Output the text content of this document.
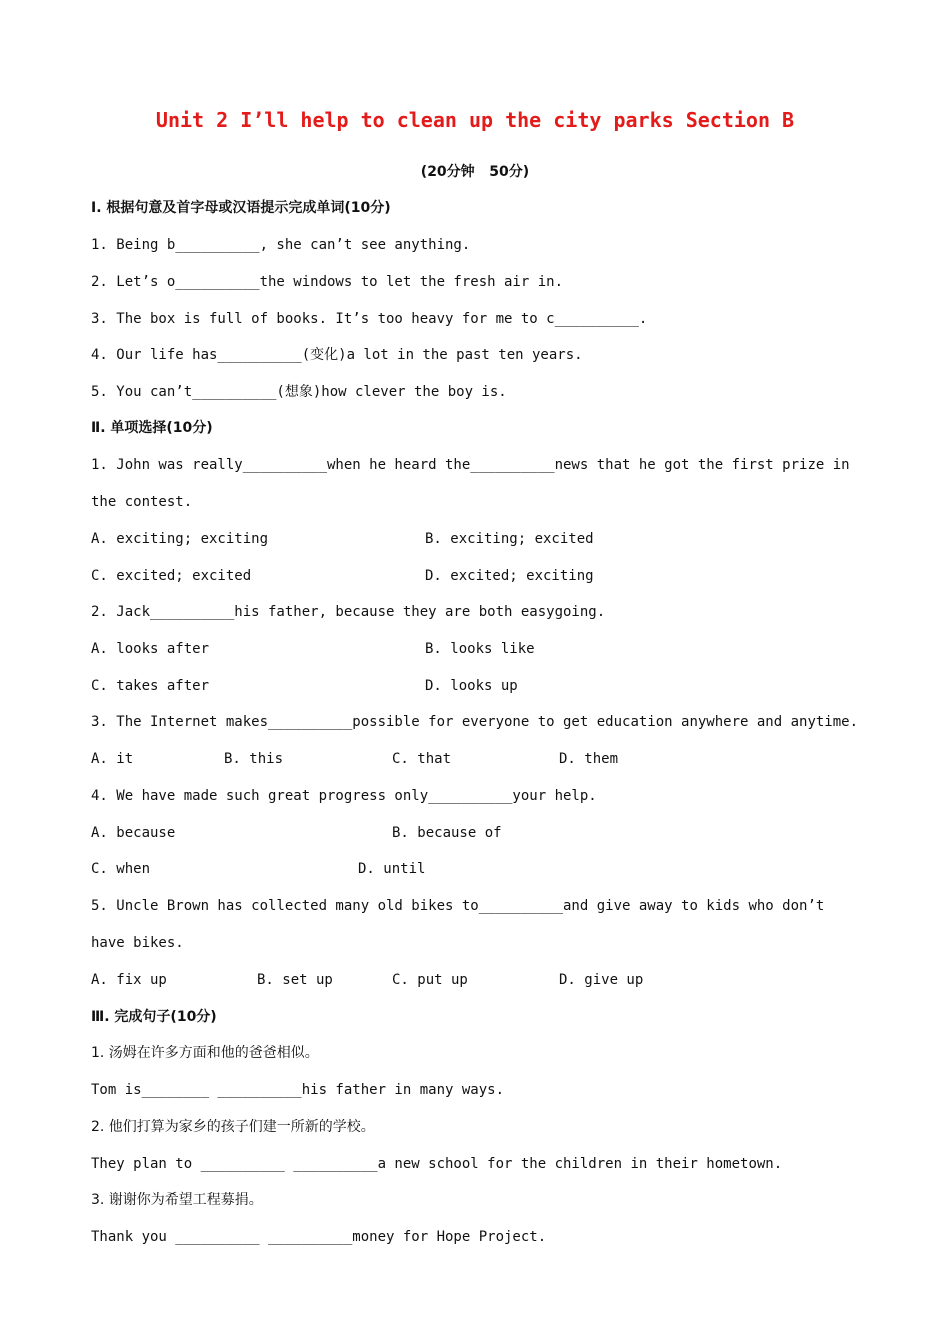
Unit 2 I’ll help to clean up the city parks Section B
(20分钟   50分)
Ⅰ. 根据句意及首字母或汉语提示完成单词(10分)
1. Being b__________, she can’t see anything.
2. Let’s o__________the windows to let the fresh air in.
3. The box is full of books. It’s too heavy for me to c__________.
4. Our life has__________(变化)a lot in the past ten years.
5. You can’t__________(想象)how clever the boy is.
Ⅱ. 单项选择(10分)
1. John was really__________when he heard the__________news that he got the first prize in
the contest.
A. exciting; exciting	B. exciting; excited
C. excited; excited	D. excited; exciting
2. Jack__________his father, because they are both easygoing.
A. looks after	B. looks like
C. takes after	D. looks up
3. The Internet makes__________possible for everyone to get education anywhere and anytime.
A. it	B. this	C. that	D. them
4. We have made such great progress only__________your help.
A. because	B. because of
C. when	D. until
5. Uncle Brown has collected many old bikes to__________and give away to kids who don’t
have bikes.
A. fix up	B. set up	C. put up	D. give up
Ⅲ. 完成句子(10分)
1. 汤姆在许多方面和他的爸爸相似。
Tom is________ __________his father in many ways.
2. 他们打算为家乡的孩子们建一所新的学校。
They plan to __________ __________a new school for the children in their hometown.
3. 谢谢你为希望工程募捐。
Thank you __________ __________money for Hope Project.
